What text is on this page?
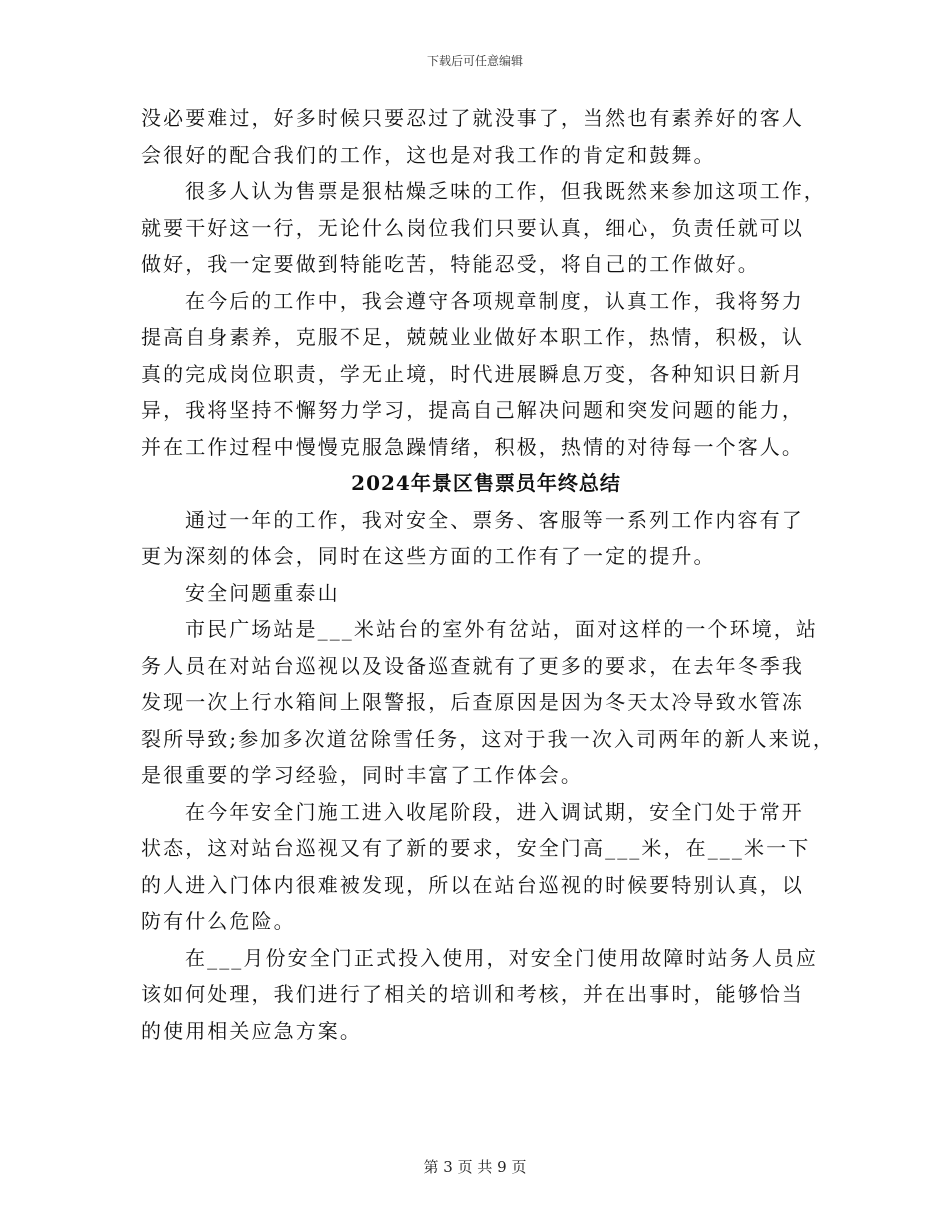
下载后可任意编辑
没必要难过，好多时候只要忍过了就没事了，当然也有素养好的客人
会很好的配合我们的工作，这也是对我工作的肯定和鼓舞。
很多人认为售票是狠枯燥乏味的工作，但我既然来参加这项工作，
就要干好这一行，无论什么岗位我们只要认真，细心，负责任就可以
做好，我一定要做到特能吃苦，特能忍受，将自己的工作做好。
在今后的工作中，我会遵守各项规章制度，认真工作，我将努力
提高自身素养，克服不足，兢兢业业做好本职工作，热情，积极，认
真的完成岗位职责，学无止境，时代进展瞬息万变，各种知识日新月
异，我将坚持不懈努力学习，提高自己解决问题和突发问题的能力，
并在工作过程中慢慢克服急躁情绪，积极，热情的对待每一个客人。
2024年景区售票员年终总结
通过一年的工作，我对安全、票务、客服等一系列工作内容有了
更为深刻的体会，同时在这些方面的工作有了一定的提升。
安全问题重泰山
市民广场站是___米站台的室外有岔站，面对这样的一个环境，站
务人员在对站台巡视以及设备巡查就有了更多的要求，在去年冬季我
发现一次上行水箱间上限警报，后查原因是因为冬天太冷导致水管冻
裂所导致;参加多次道岔除雪任务，这对于我一次入司两年的新人来说，
是很重要的学习经验，同时丰富了工作体会。
在今年安全门施工进入收尾阶段，进入调试期，安全门处于常开
状态，这对站台巡视又有了新的要求，安全门高___米，在___米一下
的人进入门体内很难被发现，所以在站台巡视的时候要特别认真，以
防有什么危险。
在___月份安全门正式投入使用，对安全门使用故障时站务人员应
该如何处理，我们进行了相关的培训和考核，并在出事时，能够恰当
的使用相关应急方案。
第 3 页 共 9 页
